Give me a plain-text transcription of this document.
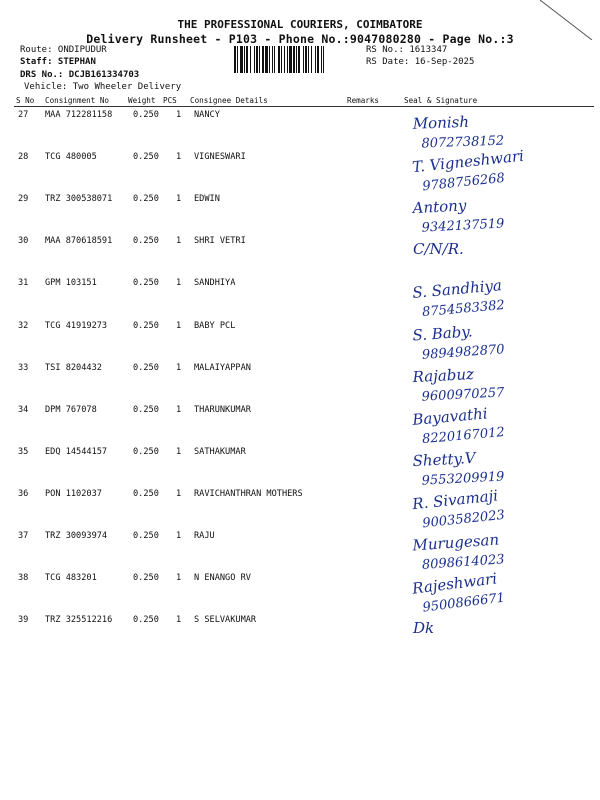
THE PROFESSIONAL COURIERS, COIMBATORE
Delivery Runsheet - P103 - Phone No.:9047080280 - Page No.:3
Route: ONDIPUDUR
Staff: STEPHAN
DRS No.: DCJB161334703
Vehicle: Two Wheeler Delivery
RS No.: 1613347
RS Date: 16-Sep-2025
S No Consignment No Weight PCS Consignee Details	Remarks	Seal & Signature
27 MAA 712281158 0.250 1 NANCY	Monish
8072738152
28 TCG 480005	0.250 1 VIGNESWARI	T. Vigneshwari
9788756268
29 TRZ 300538071 0.250 1 EDWIN	Antony
9342137519
30 MAA 870618591 0.250 1 SHRI VETRI	C/N/R.
31 GPM 103151	0.250 1 SANDHIYA	S. Sandhiya
8754583382
32 TCG 41919273	0.250 1 BABY PCL	S. Baby.
9894982870
33 TSI 8204432	0.250 1 MALAIYAPPAN	Rajabuz
9600970257
34 DPM 767078	0.250 1 THARUNKUMAR	Bayavathi
8220167012
35 EDQ 14544157	0.250 1 SATHAKUMAR	Shetty.V
9553209919
36 PON 1102037	0.250 1 RAVICHANTHRAN MOTHERS	R. Sivamaji
9003582023
37 TRZ 30093974	0.250 1 RAJU	Murugesan
8098614023
38 TCG 483201	0.250 1 N ENANGO RV	Rajeshwari
9500866671
39 TRZ 325512216 0.250 1 S SELVAKUMAR	Dk
